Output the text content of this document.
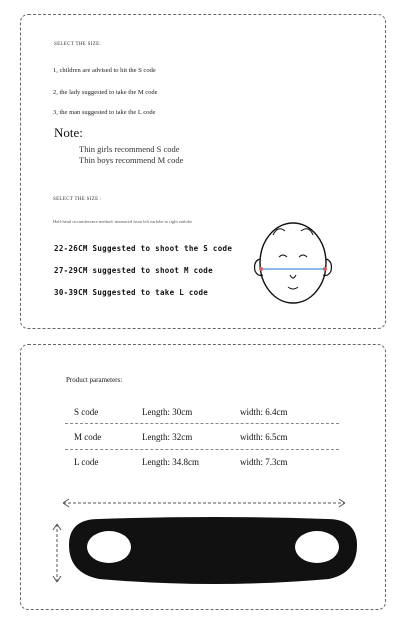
SELECT THE SIZE:
1, children are advised to hit the S code
2, the lady suggested to take the M code
3, the man suggested to take the L code
Note:
Thin girls recommend S code
Thin boys recommend M code
SELECT THE SIZE :
Half-head circumference method: measured from left earlobe to right earlobe
22-26CM Suggested to shoot the S code
27-29CM suggested to shoot M code
30-39CM Suggested to take L code
Product parameters:
S code	Length: 30cm	width: 6.4cm
M code	Length: 32cm	width: 6.5cm
L code	Length: 34.8cm	width: 7.3cm
